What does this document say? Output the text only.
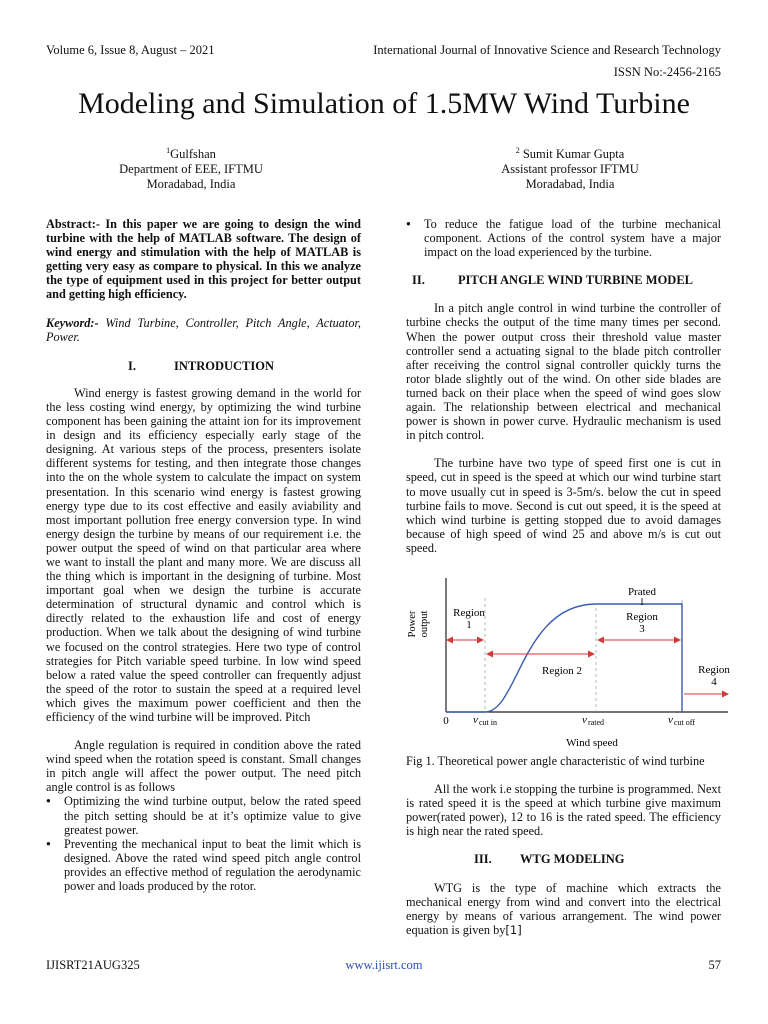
Volume 6, Issue 8, August – 2021	International Journal of Innovative Science and Research Technology
ISSN No:-2456-2165
Modeling and Simulation of 1.5MW Wind Turbine
$^1$Gulfshan
Department of EEE, IFTMU
Moradabad, India
$^2$ Sumit Kumar Gupta
Assistant professor IFTMU
Moradabad, India

Abstract:- In this paper we are going to design the wind turbine with the help of MATLAB software. The design of wind energy and stimulation with the help of MATLAB is getting very easy as compare to physical. In this we analyze the type of equipment used in this project for better output and getting high efficiency.

Keyword:- Wind Turbine, Controller, Pitch Angle, Actuator, Power.

I.	INTRODUCTION

Wind energy is fastest growing demand in the world for the less costing wind energy, by optimizing the wind turbine component has been gaining the attaint ion for its improvement in design and its efficiency especially early stage of the designing. At various steps of the process, presenters isolate different systems for testing, and then integrate those changes into the on the whole system to calculate the impact on system presentation. In this scenario wind energy is fastest growing energy type due to its cost effective and easily aviability and most important pollution free energy conversion type. In wind energy design the turbine by means of our requirement i.e. the power output the speed of wind on that particular area where we want to install the plant and many more. We are discuss all the thing which is important in the designing of turbine. Most important goal when we design the turbine is accurate determination of structural dynamic and control which is directly related to the exhaustion life and cost of energy production. When we talk about the designing of wind turbine we focused on the control strategies. Here two type of control strategies for Pitch variable speed turbine. In low wind speed below a rated value the speed controller can frequently adjust the speed of the rotor to sustain the speed at a required level which gives the maximum power coefficient and then the efficiency of the wind turbine will be improved. Pitch

Angle regulation is required in condition above the rated wind speed when the rotation speed is constant. Small changes in pitch angle will affect the power output. The need pitch angle control is as follows

● Optimizing the wind turbine output, below the rated speed the pitch setting should be at it’s optimize value to give greatest power.
● Preventing the mechanical input to beat the limit which is designed. Above the rated wind speed pitch angle control provides an effective method of regulation the aerodynamic power and loads produced by the rotor.
● To reduce the fatigue load of the turbine mechanical component. Actions of the control system have a major impact on the load experienced by the turbine.
II.	PITCH ANGLE WIND TURBINE MODEL

In a pitch angle control in wind turbine the controller of turbine checks the output of the time many times per second. When the power output cross their threshold value master controller send a actuating signal to the blade pitch controller after receiving the control signal controller quickly turns the rotor blade slightly out of the wind. On other side blades are turned back on their place when the speed of wind goes slow again. The relationship between electrical and mechanical power is shown in power curve. Hydraulic mechanism is used in pitch control.

The turbine have two type of speed first one is cut in speed, cut in speed is the speed at which our wind turbine start to move usually cut in speed is 3-5m/s. below the cut in speed turbine fails to move. Second is cut out speed, it is the speed at which wind turbine is getting stopped due to avoid damages because of high speed of wind 25 and above m/s is cut out speed.

Power output Region
1
Region 2
Region
3
Prated
I
Region
4
0 v cut in	v rated	v cut off
Wind speed

Fig 1. Theoretical power angle characteristic of wind turbine

All the work i.e stopping the turbine is programmed. Next is rated speed it is the speed at which turbine give maximum power(rated power), 12 to 16 is the rated speed. The efficiency is high near the rated speed.

III. WTG MODELING

WTG is the type of machine which extracts the mechanical energy from wind and convert into the electrical energy by means of various arrangement. The wind power equation is given by[1]

IJISRT21AUG325	www.ijisrt.com	57
